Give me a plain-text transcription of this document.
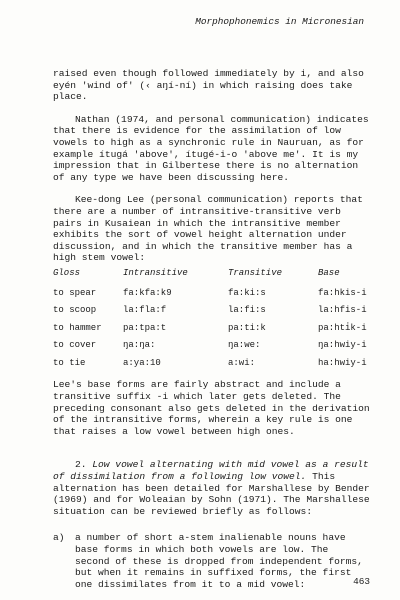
Morphophonemics in Micronesian

raised even though followed immediately by i, and also eyén 'wind of' (‹ aŋí-ní) in which raising does take place.

Nathan (1974, and personal communication) indicates that there is evidence for the assimilation of low vowels to high as a synchronic rule in Nauruan, as for example ítugá 'above', ítugé-i-o 'above me'. It is my impression that in Gilbertese there is no alternation of any type we have been discussing here.

Kee-dong Lee (personal communication) reports that there are a number of intransitive-transitive verb pairs in Kusaiean in which the intransitive member exhibits the sort of vowel height alternation under discussion, and in which the transitive member has a high stem vowel:

Gloss	Intransitive	Transitive	Base
to spear	fa:kfa:k9	fa:ki:s	fa:hkis-i
to scoop	la:fla:f	la:fi:s	la:hfis-i
to hammer	pa:tpa:t	pa:ti:k	pa:hti̇k-i
to cover	ŋa:ŋa:	ŋa:we:	ŋa:hwiy-i
to tie	a:ya:10	a:wi:	ha:hwiy-i

Lee's base forms are fairly abstract and include a transitive suffix -i which later gets deleted. The preceding consonant also gets deleted in the derivation of the intransitive forms, wherein a key rule is one that raises a low vowel between high ones.

2. Low vowel alternating with mid vowel as a result of dissimilation from a following low vowel. This alternation has been detailed for Marshallese by Bender (1969) and for Woleaian by Sohn (1971). The Marshallese situation can be reviewed briefly as follows:

a)	a number of short a-stem inalienable nouns have base forms in which both vowels are low. The second of these is dropped from independent forms, but when it remains in suffixed forms, the first one dissimilates from it to a mid vowel:	463
